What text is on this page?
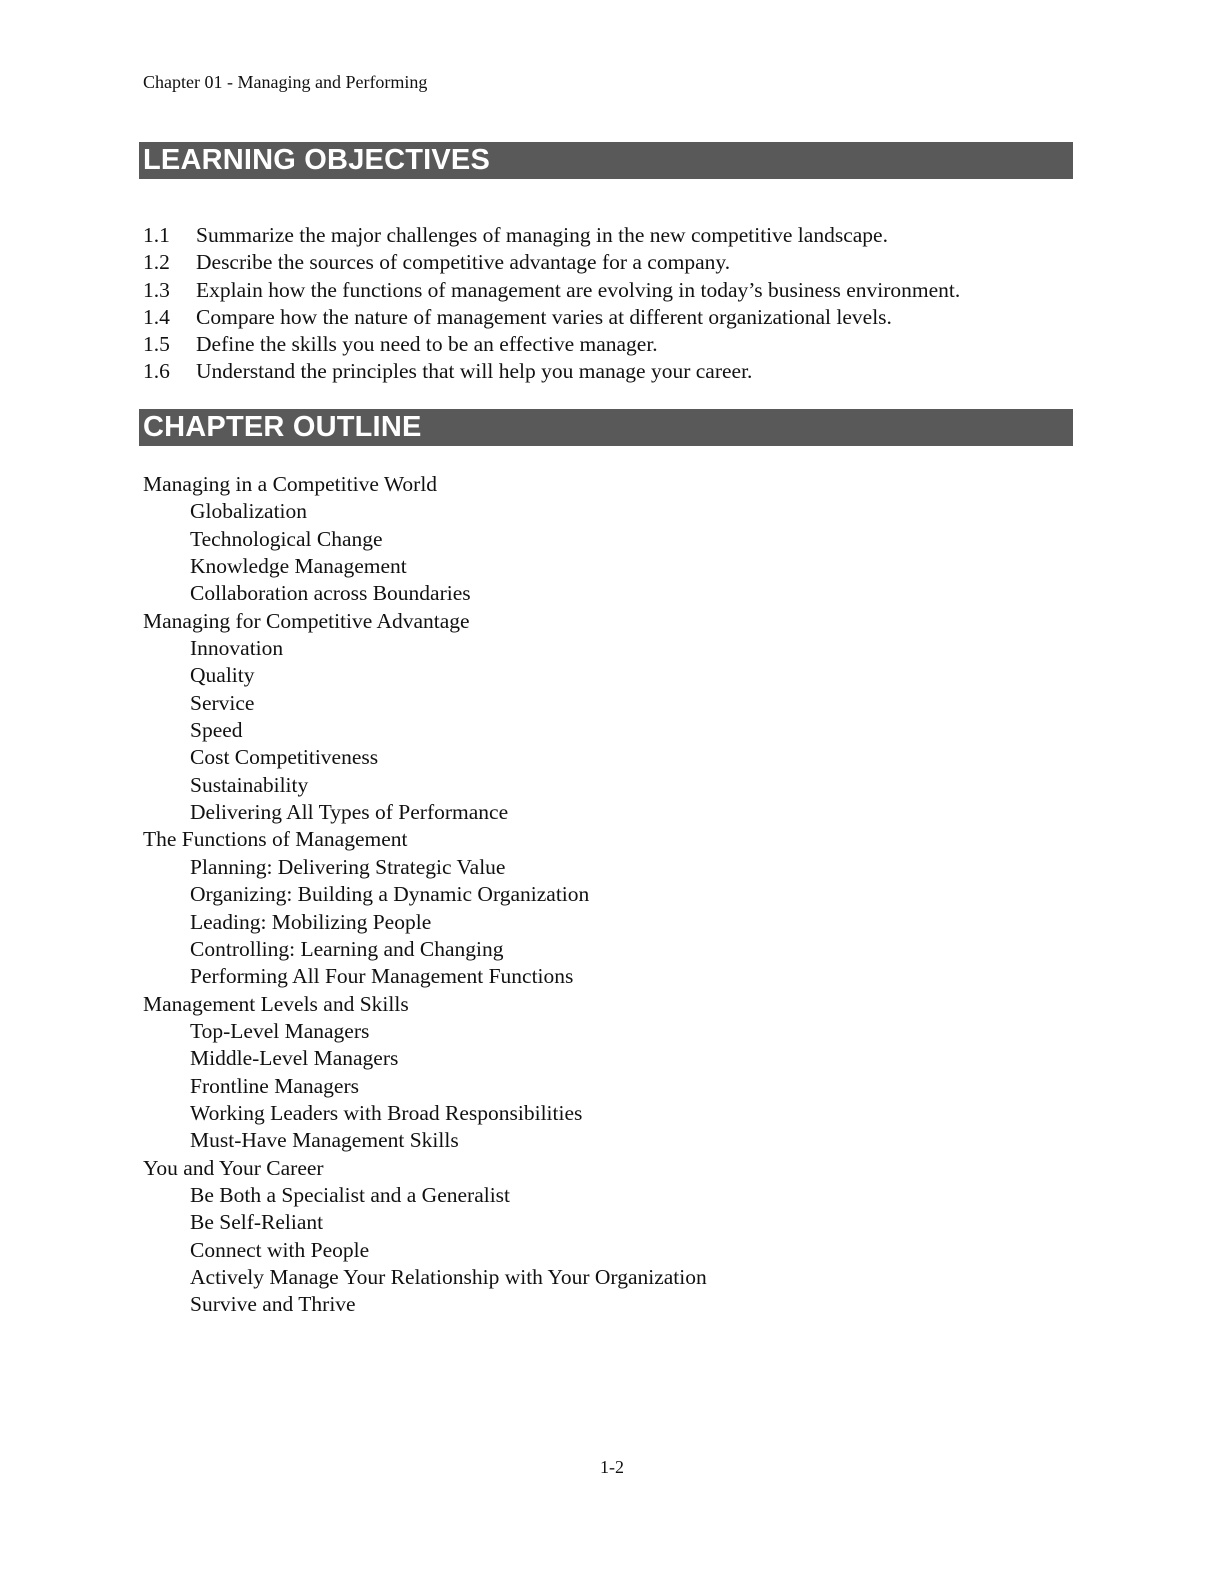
Chapter 01 - Managing and Performing
LEARNING OBJECTIVES
1.1 Summarize the major challenges of managing in the new competitive landscape.
1.2 Describe the sources of competitive advantage for a company.
1.3 Explain how the functions of management are evolving in today’s business environment.
1.4 Compare how the nature of management varies at different organizational levels.
1.5 Define the skills you need to be an effective manager.
1.6 Understand the principles that will help you manage your career.
CHAPTER OUTLINE
Managing in a Competitive World
Globalization
Technological Change
Knowledge Management
Collaboration across Boundaries
Managing for Competitive Advantage
Innovation
Quality
Service
Speed
Cost Competitiveness
Sustainability
Delivering All Types of Performance
The Functions of Management
Planning: Delivering Strategic Value
Organizing: Building a Dynamic Organization
Leading: Mobilizing People
Controlling: Learning and Changing
Performing All Four Management Functions
Management Levels and Skills
Top-Level Managers
Middle-Level Managers
Frontline Managers
Working Leaders with Broad Responsibilities
Must-Have Management Skills
You and Your Career
Be Both a Specialist and a Generalist
Be Self-Reliant
Connect with People
Actively Manage Your Relationship with Your Organization
Survive and Thrive
1-2
